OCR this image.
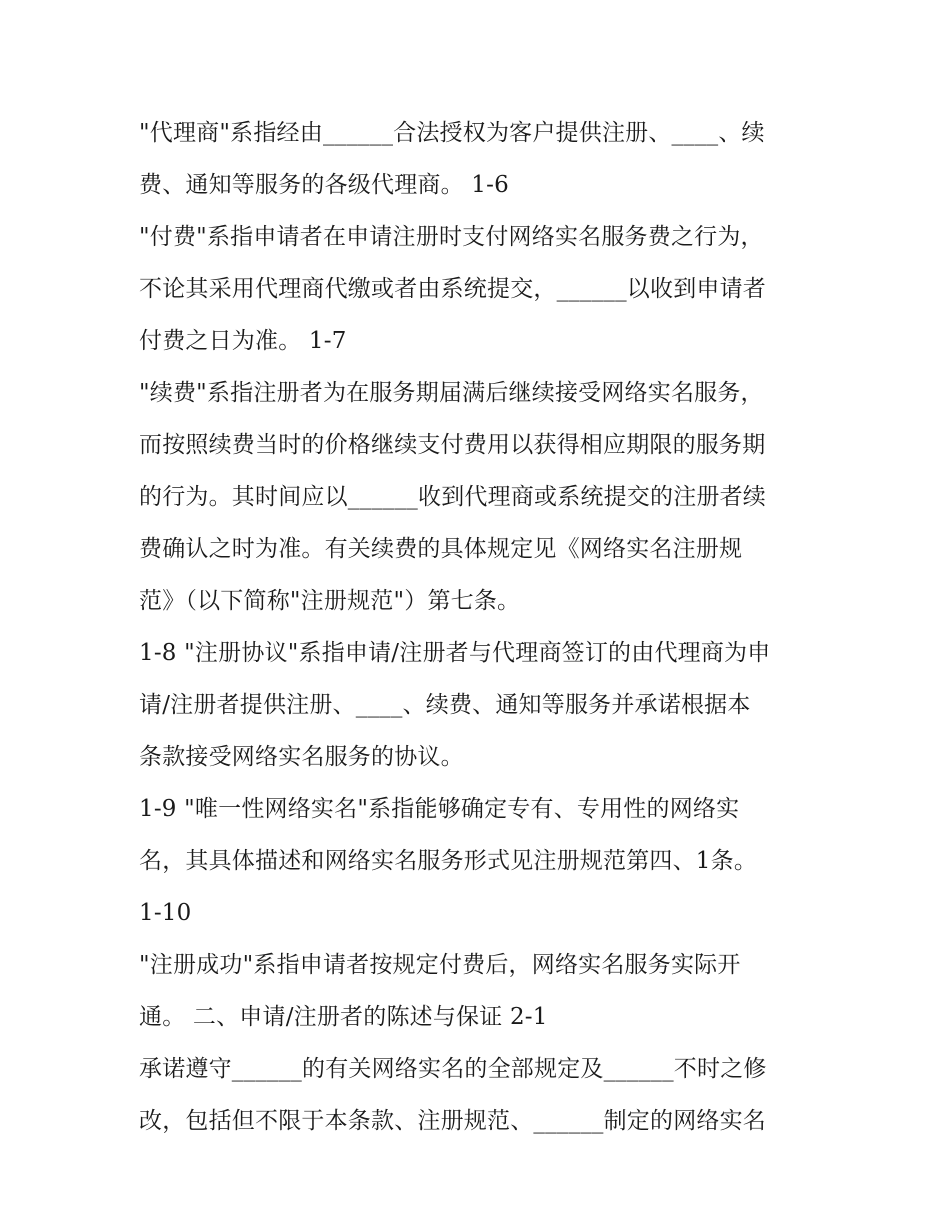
"代理商"系指经由______合法授权为客户提供注册、____、续
费、通知等服务的各级代理商。 1-6
"付费"系指申请者在申请注册时支付网络实名服务费之行为，
不论其采用代理商代缴或者由系统提交，______以收到申请者
付费之日为准。 1-7
"续费"系指注册者为在服务期届满后继续接受网络实名服务，
而按照续费当时的价格继续支付费用以获得相应期限的服务期
的行为。其时间应以______收到代理商或系统提交的注册者续
费确认之时为准。有关续费的具体规定见《网络实名注册规
范》（以下简称"注册规范"）第七条。
1-8 "注册协议"系指申请/注册者与代理商签订的由代理商为申
请/注册者提供注册、____、续费、通知等服务并承诺根据本
条款接受网络实名服务的协议。
1-9 "唯一性网络实名"系指能够确定专有、专用性的网络实
名，其具体描述和网络实名服务形式见注册规范第四、1条。
1-10
"注册成功"系指申请者按规定付费后，网络实名服务实际开
通。 二、申请/注册者的陈述与保证 2-1
承诺遵守______的有关网络实名的全部规定及______不时之修
改，包括但不限于本条款、注册规范、______制定的网络实名
